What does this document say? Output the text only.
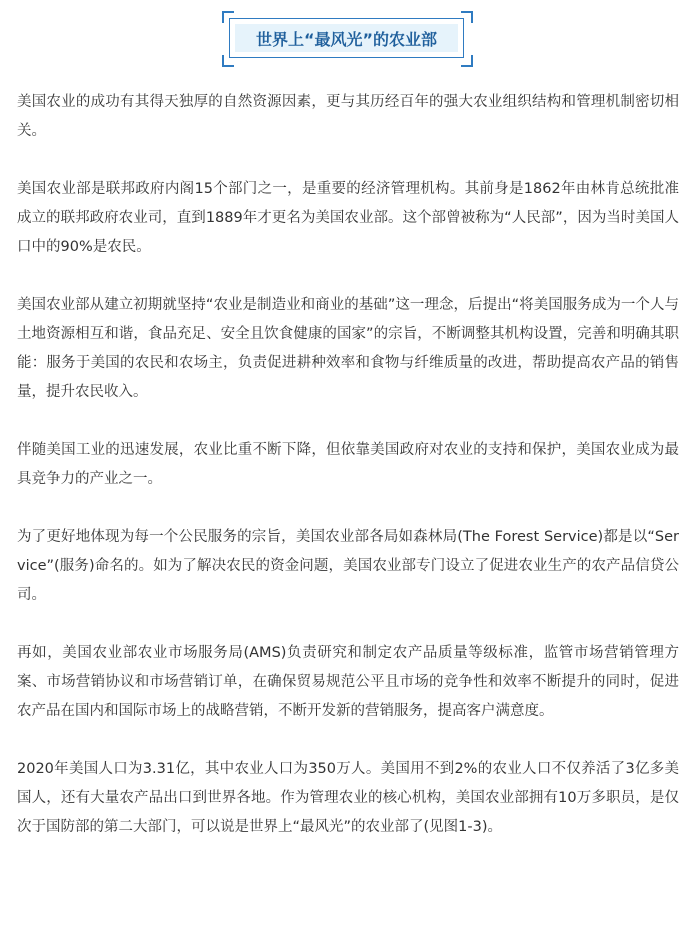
世界上“最风光”的农业部

美国农业的成功有其得天独厚的自然资源因素，更与其历经百年的强大农业组织结构和管理机制密切相关。

美国农业部是联邦政府内阁15个部门之一，是重要的经济管理机构。其前身是1862年由林肯总统批准成立的联邦政府农业司，直到1889年才更名为美国农业部。这个部曾被称为“人民部”，因为当时美国人口中的90%是农民。

美国农业部从建立初期就坚持“农业是制造业和商业的基础”这一理念，后提出“将美国服务成为一个人与土地资源相互和谐，食品充足、安全且饮食健康的国家”的宗旨，不断调整其机构设置，完善和明确其职能：服务于美国的农民和农场主，负责促进耕种效率和食物与纤维质量的改进，帮助提高农产品的销售量，提升农民收入。

伴随美国工业的迅速发展，农业比重不断下降，但依靠美国政府对农业的支持和保护，美国农业成为最具竞争力的产业之一。

为了更好地体现为每一个公民服务的宗旨，美国农业部各局如森林局(The Forest Service)都是以“Service”(服务)命名的。如为了解决农民的资金问题，美国农业部专门设立了促进农业生产的农产品信贷公司。

再如，美国农业部农业市场服务局(AMS)负责研究和制定农产品质量等级标准，监管市场营销管理方案、市场营销协议和市场营销订单，在确保贸易规范公平且市场的竞争性和效率不断提升的同时，促进农产品在国内和国际市场上的战略营销，不断开发新的营销服务，提高客户满意度。

2020年美国人口为3.31亿，其中农业人口为350万人。美国用不到2%的农业人口不仅养活了3亿多美国人，还有大量农产品出口到世界各地。作为管理农业的核心机构，美国农业部拥有10万多职员，是仅次于国防部的第二大部门，可以说是世界上“最风光”的农业部了(见图1-3)。
